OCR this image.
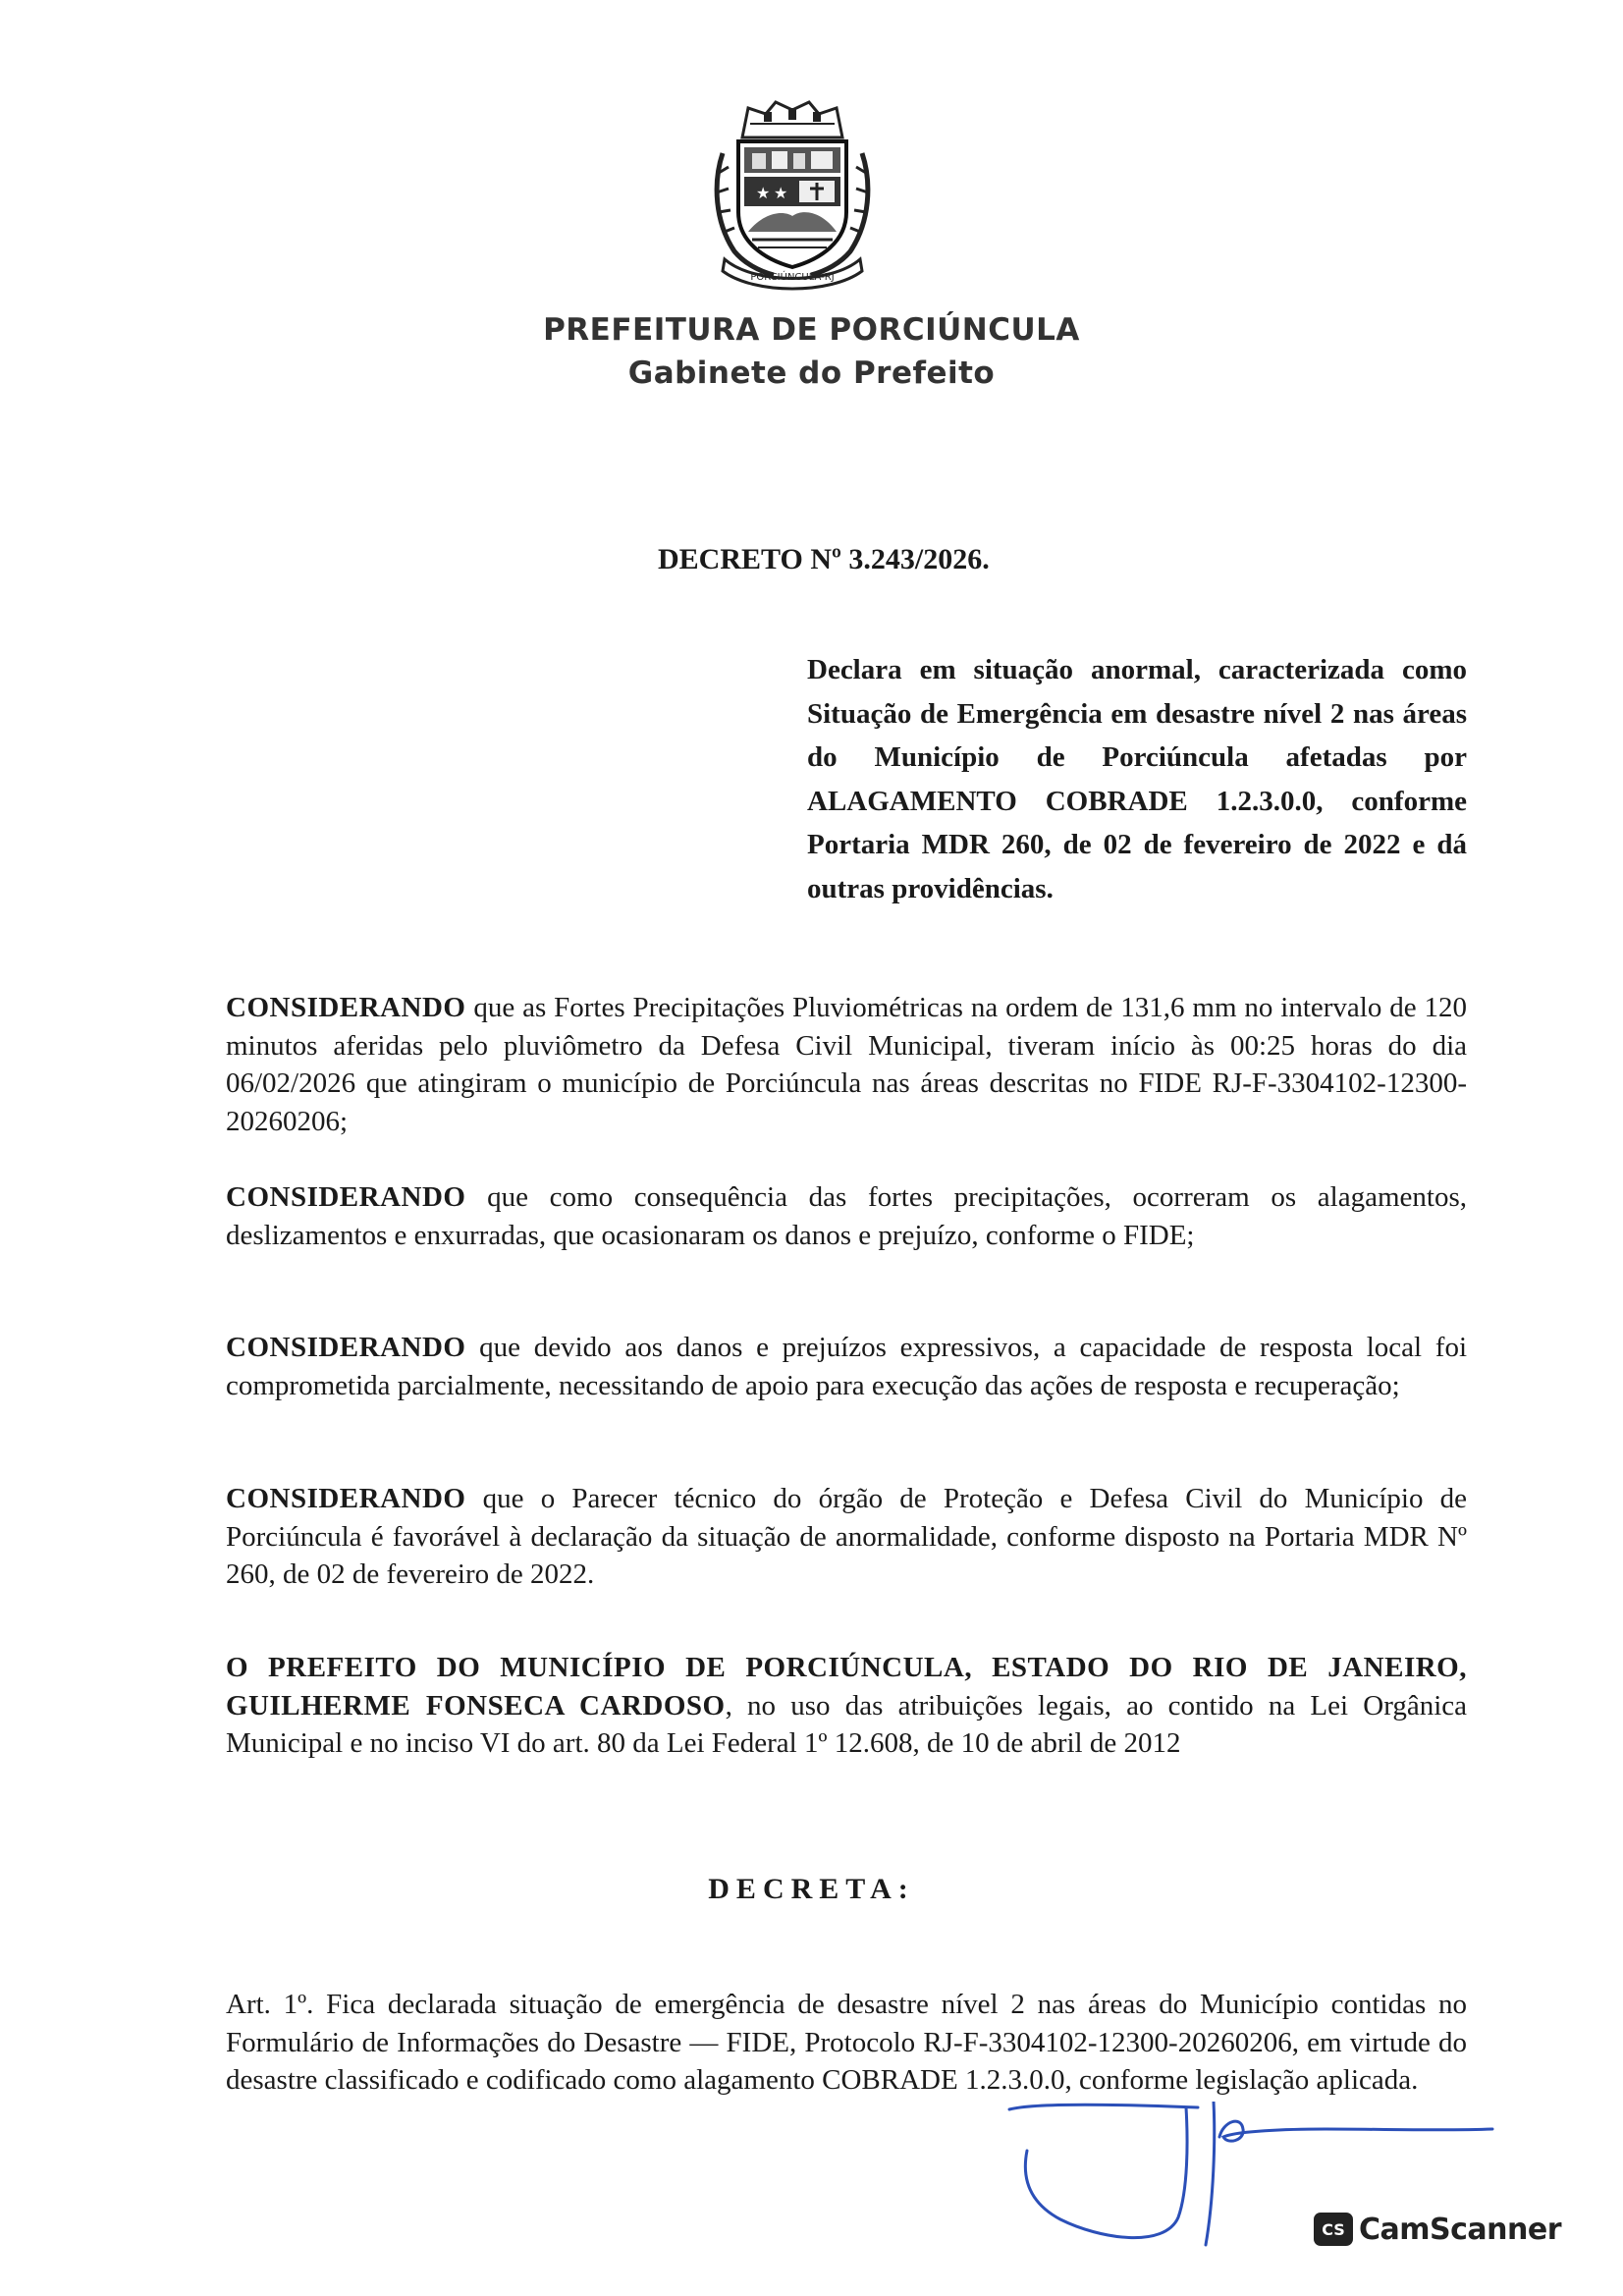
★ ★
PORCIÚNCULA-RJ
PREFEITURA DE PORCIÚNCULA
Gabinete do Prefeito
DECRETO Nº 3.243/2026.
Declara em situação anormal, caracterizada como Situação de Emergência em desastre nível 2 nas áreas do Município de Porciúncula afetadas por ALAGAMENTO COBRADE 1.2.3.0.0, conforme Portaria MDR 260, de 02 de fevereiro de 2022 e dá outras providências.

CONSIDERANDO que as Fortes Precipitações Pluviométricas na ordem de 131,6 mm no intervalo de 120 minutos aferidas pelo pluviômetro da Defesa Civil Municipal, tiveram início às 00:25 horas do dia 06/02/2026 que atingiram o município de Porciúncula nas áreas descritas no FIDE RJ-F-3304102-12300-20260206;

CONSIDERANDO que como consequência das fortes precipitações, ocorreram os alagamentos, deslizamentos e enxurradas, que ocasionaram os danos e prejuízo, conforme o FIDE;

CONSIDERANDO que devido aos danos e prejuízos expressivos, a capacidade de resposta local foi comprometida parcialmente, necessitando de apoio para execução das ações de resposta e recuperação;

CONSIDERANDO que o Parecer técnico do órgão de Proteção e Defesa Civil do Município de Porciúncula é favorável à declaração da situação de anormalidade, conforme disposto na Portaria MDR Nº 260, de 02 de fevereiro de 2022.

O PREFEITO DO MUNICÍPIO DE PORCIÚNCULA, ESTADO DO RIO DE JANEIRO, GUILHERME FONSECA CARDOSO, no uso das atribuições legais, ao contido na Lei Orgânica Municipal e no inciso VI do art. 80 da Lei Federal 1º 12.608, de 10 de abril de 2012

DECRETA:

Art. 1º. Fica declarada situação de emergência de desastre nível 2 nas áreas do Município contidas no Formulário de Informações do Desastre — FIDE, Protocolo RJ-F-3304102-12300-20260206, em virtude do desastre classificado e codificado como alagamento COBRADE 1.2.3.0.0, conforme legislação aplicada.

CS CamScanner
